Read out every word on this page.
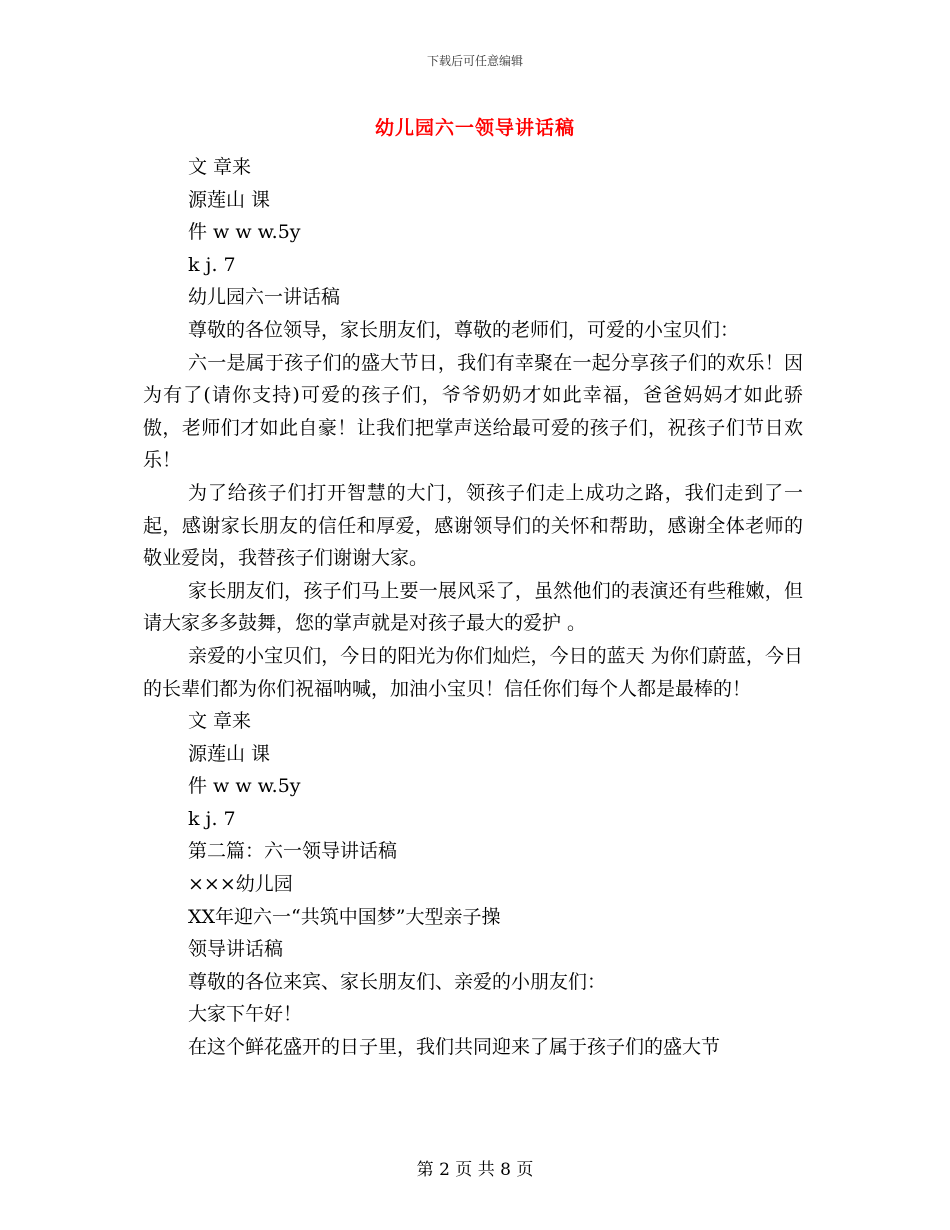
下载后可任意编辑
幼儿园六一领导讲话稿

文 章来

源莲山 课

件 w w w.5y

k j. 7

幼儿园六一讲话稿

尊敬的各位领导，家长朋友们，尊敬的老师们，可爱的小宝贝们：

六一是属于孩子们的盛大节日，我们有幸聚在一起分享孩子们的欢乐！因为有了(请你支持)可爱的孩子们，爷爷奶奶才如此幸福，爸爸妈妈才如此骄傲，老师们才如此自豪！让我们把掌声送给最可爱的孩子们，祝孩子们节日欢乐！

为了给孩子们打开智慧的大门，领孩子们走上成功之路，我们走到了一起，感谢家长朋友的信任和厚爱，感谢领导们的关怀和帮助，感谢全体老师的敬业爱岗，我替孩子们谢谢大家。

家长朋友们，孩子们马上要一展风采了，虽然他们的表演还有些稚嫩，但请大家多多鼓舞，您的掌声就是对孩子最大的爱护 。

亲爱的小宝贝们，今日的阳光为你们灿烂，今日的蓝天 为你们蔚蓝，今日的长辈们都为你们祝福呐喊，加油小宝贝！信任你们每个人都是最棒的！

文 章来

源莲山 课

件 w w w.5y

k j. 7

第二篇：六一领导讲话稿

×××幼儿园

XX年迎六一“共筑中国梦”大型亲子操

领导讲话稿

尊敬的各位来宾、家长朋友们、亲爱的小朋友们：

大家下午好！

在这个鲜花盛开的日子里，我们共同迎来了属于孩子们的盛大节

第 2 页 共 8 页
